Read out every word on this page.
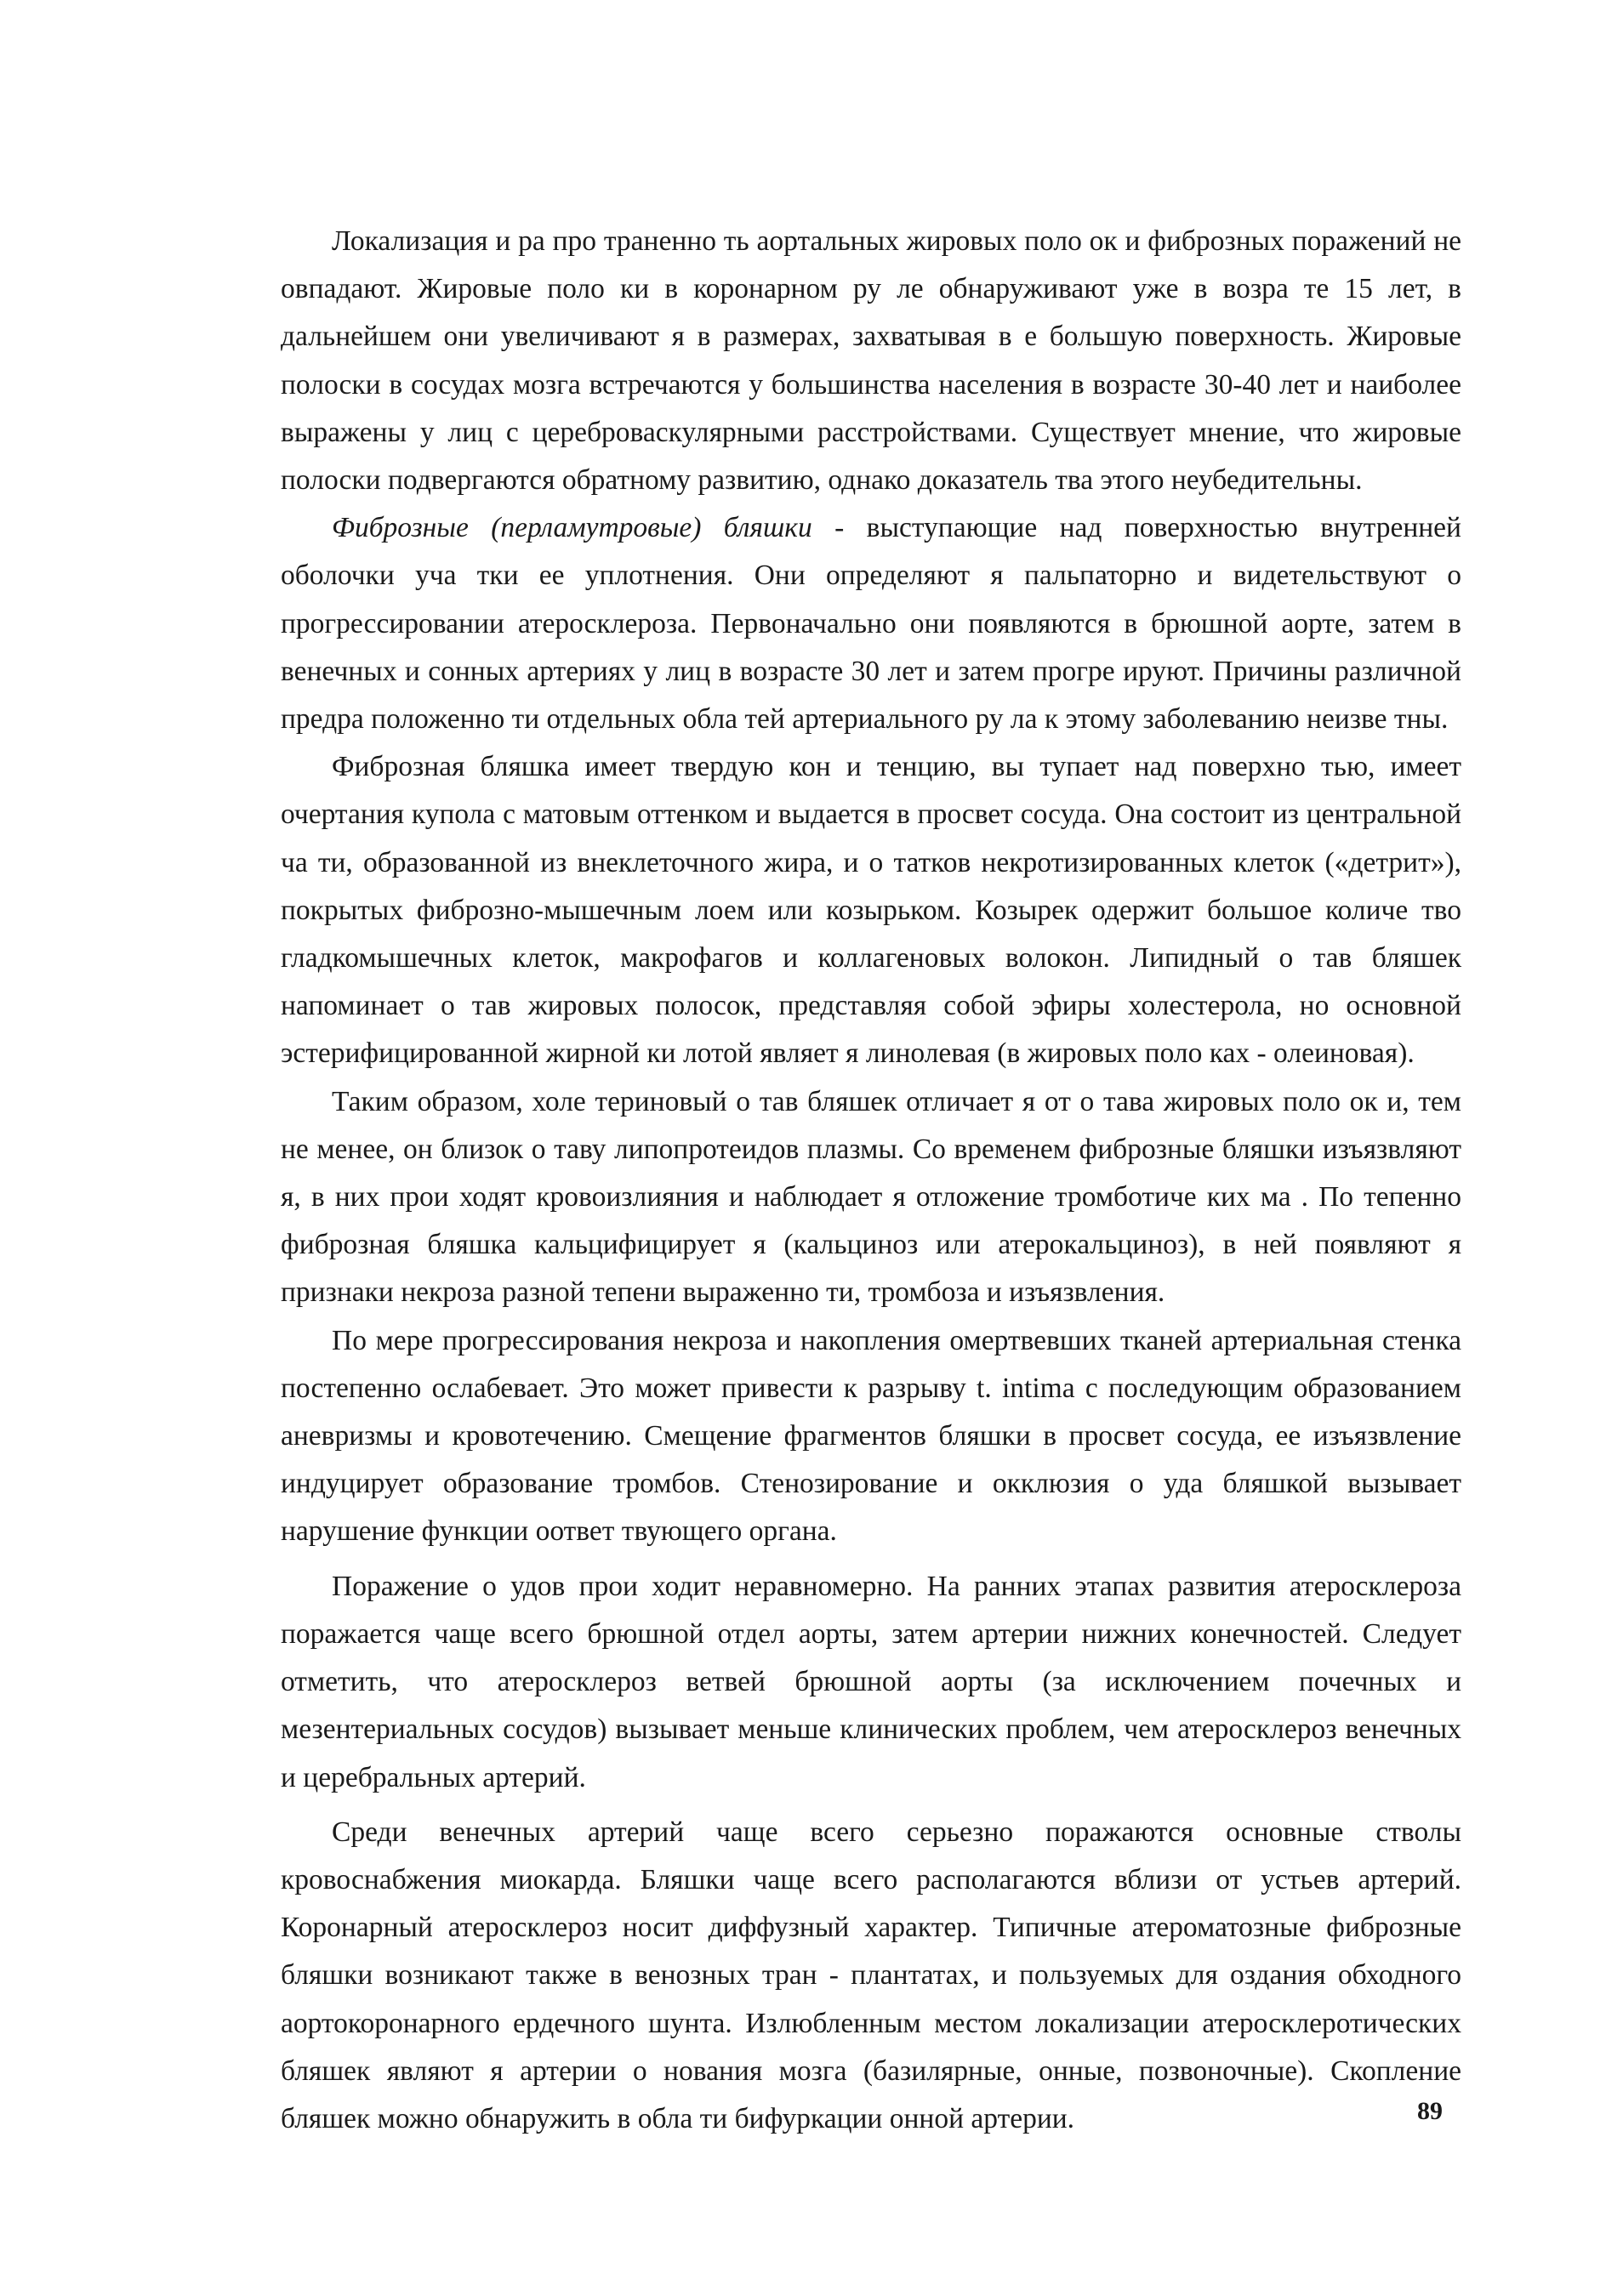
Локализация и ра про траненно ть аортальных жировых поло ок и фиброзных поражений не овпадают. Жировые поло ки в коронарном ру ле обнаруживают уже в возра те 15 лет, в дальнейшем они увеличивают я в размерах, захватывая в е большую поверхность. Жировые полоски в сосудах мозга встречаются у большинства населения в возрасте 30-40 лет и наиболее выражены у лиц с цереброваскулярными расстройствами. Существует мнение, что жировые полоски подвергаются обратному развитию, однако доказатель тва этого неубедительны.

Фиброзные (перламутровые) бляшки - выступающие над поверхностью внутренней оболочки уча тки ее уплотнения. Они определяют я пальпаторно и видетельствуют о прогрессировании атеросклероза. Первоначально они появляются в брюшной аорте, затем в венечных и сонных артериях у лиц в возрасте 30 лет и затем прогре ируют. Причины различной предра положенно ти отдельных обла тей артериального ру ла к этому заболеванию неизве тны.

Фиброзная бляшка имеет твердую кон и тенцию, вы тупает над поверхно тью, имеет очертания купола с матовым оттенком и выдается в просвет сосуда. Она состоит из центральной ча ти, образованной из внеклеточного жира, и о татков некротизированных клеток («детрит»), покрытых фиброзно-мышечным лоем или козырьком. Козырек одержит большое количе тво гладкомышечных клеток, макрофагов и коллагеновых волокон. Липидный о тав бляшек напоминает о тав жировых полосок, представляя собой эфиры холестерола, но основной эстерифицированной жирной ки лотой являет я линолевая (в жировых поло ках - олеиновая).

Таким образом, холе териновый о тав бляшек отличает я от о тава жировых поло ок и, тем не менее, он близок о таву липопротеидов плазмы. Со временем фиброзные бляшки изъязвляют я, в них прои ходят кровоизлияния и наблюдает я отложение тромботиче ких ма . По тепенно фиброзная бляшка кальцифицирует я (кальциноз или атерокальциноз), в ней появляют я признаки некроза разной тепени выраженно ти, тромбоза и изъязвления.

По мере прогрессирования некроза и накопления омертвевших тканей артериальная стенка постепенно ослабевает. Это может привести к разрыву t. intima с последующим образованием аневризмы и кровотечению. Смещение фрагментов бляшки в просвет сосуда, ее изъязвление индуцирует образование тромбов. Стенозирование и окклюзия о уда бляшкой вызывает нарушение функции оответ твующего органа.

Поражение о удов прои ходит неравномерно. На ранних этапах развития атеросклероза поражается чаще всего брюшной отдел аорты, затем артерии нижних конечностей. Следует отметить, что атеросклероз ветвей брюшной аорты (за исключением почечных и мезентериальных сосудов) вызывает меньше клинических проблем, чем атеросклероз венечных и церебральных артерий.

Среди венечных артерий чаще всего серьезно поражаются основные стволы кровоснабжения миокарда. Бляшки чаще всего располагаются вблизи от устьев артерий. Коронарный атеросклероз носит диффузный характер. Типичные атероматозные фиброзные бляшки возникают также в венозных тран - плантатах, и пользуемых для оздания обходного аортокоронарного ердечного шунта. Излюбленным местом локализации атеросклеротических бляшек являют я артерии о нования мозга (базилярные, онные, позвоночные). Скопление бляшек можно обнаружить в обла ти бифуркации онной артерии.	89
